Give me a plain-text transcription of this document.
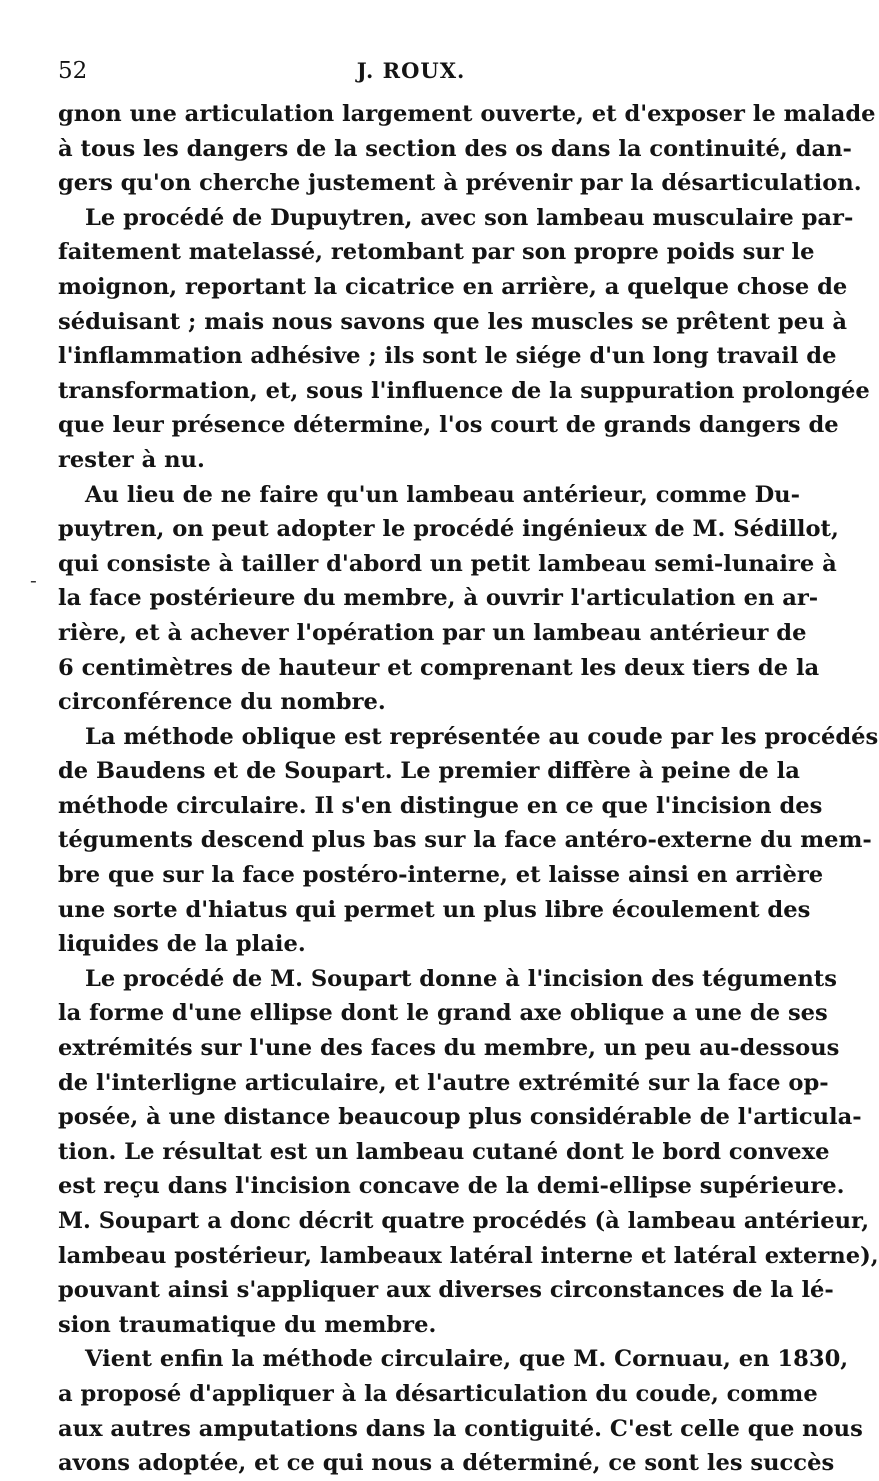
52	J. ROUX.
-
gnon une articulation largement ouverte, et d'exposer le malade
à tous les dangers de la section des os dans la continuité, dan-
gers qu'on cherche justement à prévenir par la désarticulation.
Le procédé de Dupuytren, avec son lambeau musculaire par-
faitement matelassé, retombant par son propre poids sur le
moignon, reportant la cicatrice en arrière, a quelque chose de
séduisant ; mais nous savons que les muscles se prêtent peu à
l'inflammation adhésive ; ils sont le siége d'un long travail de
transformation, et, sous l'influence de la suppuration prolongée
que leur présence détermine, l'os court de grands dangers de
rester à nu.
Au lieu de ne faire qu'un lambeau antérieur, comme Du-
puytren, on peut adopter le procédé ingénieux de M. Sédillot,
qui consiste à tailler d'abord un petit lambeau semi-lunaire à
la face postérieure du membre, à ouvrir l'articulation en ar-
rière, et à achever l'opération par un lambeau antérieur de
6 centimètres de hauteur et comprenant les deux tiers de la
circonférence du nombre.
La méthode oblique est représentée au coude par les procédés
de Baudens et de Soupart. Le premier diffère à peine de la
méthode circulaire. Il s'en distingue en ce que l'incision des
téguments descend plus bas sur la face antéro-externe du mem-
bre que sur la face postéro-interne, et laisse ainsi en arrière
une sorte d'hiatus qui permet un plus libre écoulement des
liquides de la plaie.
Le procédé de M. Soupart donne à l'incision des téguments
la forme d'une ellipse dont le grand axe oblique a une de ses
extrémités sur l'une des faces du membre, un peu au-dessous
de l'interligne articulaire, et l'autre extrémité sur la face op-
posée, à une distance beaucoup plus considérable de l'articula-
tion. Le résultat est un lambeau cutané dont le bord convexe
est reçu dans l'incision concave de la demi-ellipse supérieure.
M. Soupart a donc décrit quatre procédés (à lambeau antérieur,
lambeau postérieur, lambeaux latéral interne et latéral externe),
pouvant ainsi s'appliquer aux diverses circonstances de la lé-
sion traumatique du membre.
Vient enfin la méthode circulaire, que M. Cornuau, en 1830,
a proposé d'appliquer à la désarticulation du coude, comme
aux autres amputations dans la contiguité. C'est celle que nous
avons adoptée, et ce qui nous a déterminé, ce sont les succès
